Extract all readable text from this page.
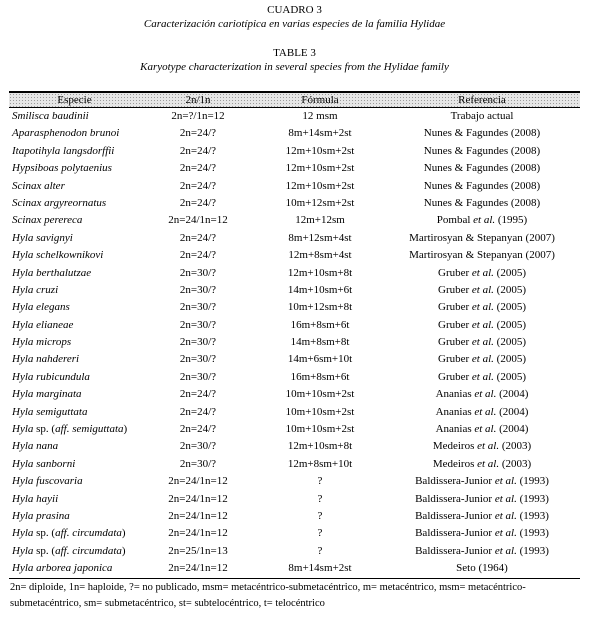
CUADRO 3
Caracterización cariotípica en varias especies de la familia Hylidae
TABLE 3
Karyotype characterization in several species from the Hylidae family
Especie	2n/1n	Fórmula	Referencia
Smilisca baudinii	2n=?/1n=12	12 msm	Trabajo actual
Aparasphenodon brunoi	2n=24/?	8m+14sm+2st	Nunes & Fagundes (2008)
Itapotihyla langsdorffii	2n=24/?	12m+10sm+2st	Nunes & Fagundes (2008)
Hypsiboas polytaenius	2n=24/?	12m+10sm+2st	Nunes & Fagundes (2008)
Scinax alter	2n=24/?	12m+10sm+2st	Nunes & Fagundes (2008)
Scinax argyreornatus	2n=24/?	10m+12sm+2st	Nunes & Fagundes (2008)
Scinax perereca	2n=24/1n=12	12m+12sm	Pombal et al. (1995)
Hyla savignyi	2n=24/?	8m+12sm+4st	Martirosyan & Stepanyan (2007)
Hyla schelkownikovi	2n=24/?	12m+8sm+4st	Martirosyan & Stepanyan (2007)
Hyla berthalutzae	2n=30/?	12m+10sm+8t	Gruber et al. (2005)
Hyla cruzi	2n=30/?	14m+10sm+6t	Gruber et al. (2005)
Hyla elegans	2n=30/?	10m+12sm+8t	Gruber et al. (2005)
Hyla elianeae	2n=30/?	16m+8sm+6t	Gruber et al. (2005)
Hyla microps	2n=30/?	14m+8sm+8t	Gruber et al. (2005)
Hyla nahdereri	2n=30/?	14m+6sm+10t	Gruber et al. (2005)
Hyla rubicundula	2n=30/?	16m+8sm+6t	Gruber et al. (2005)
Hyla marginata	2n=24/?	10m+10sm+2st	Ananias et al. (2004)
Hyla semiguttata	2n=24/?	10m+10sm+2st	Ananias et al. (2004)
Hyla sp. (aff. semiguttata)	2n=24/?	10m+10sm+2st	Ananias et al. (2004)
Hyla nana	2n=30/?	12m+10sm+8t	Medeiros et al. (2003)
Hyla sanborni	2n=30/?	12m+8sm+10t	Medeiros et al. (2003)
Hyla fuscovaria	2n=24/1n=12	?	Baldissera-Junior et al. (1993)
Hyla hayii	2n=24/1n=12	?	Baldissera-Junior et al. (1993)
Hyla prasina	2n=24/1n=12	?	Baldissera-Junior et al. (1993)
Hyla sp. (aff. circumdata)	2n=24/1n=12	?	Baldissera-Junior et al. (1993)
Hyla sp. (aff. circumdata)	2n=25/1n=13	?	Baldissera-Junior et al. (1993)
Hyla arborea japonica	2n=24/1n=12	8m+14sm+2st	Seto (1964)
2n= diploide, 1n= haploide, ?= no publicado, msm= metacéntrico-submetacéntrico, m= metacéntrico, msm= metacéntrico-
submetacéntrico, sm= submetacéntrico, st= subtelocéntrico, t= telocéntrico
